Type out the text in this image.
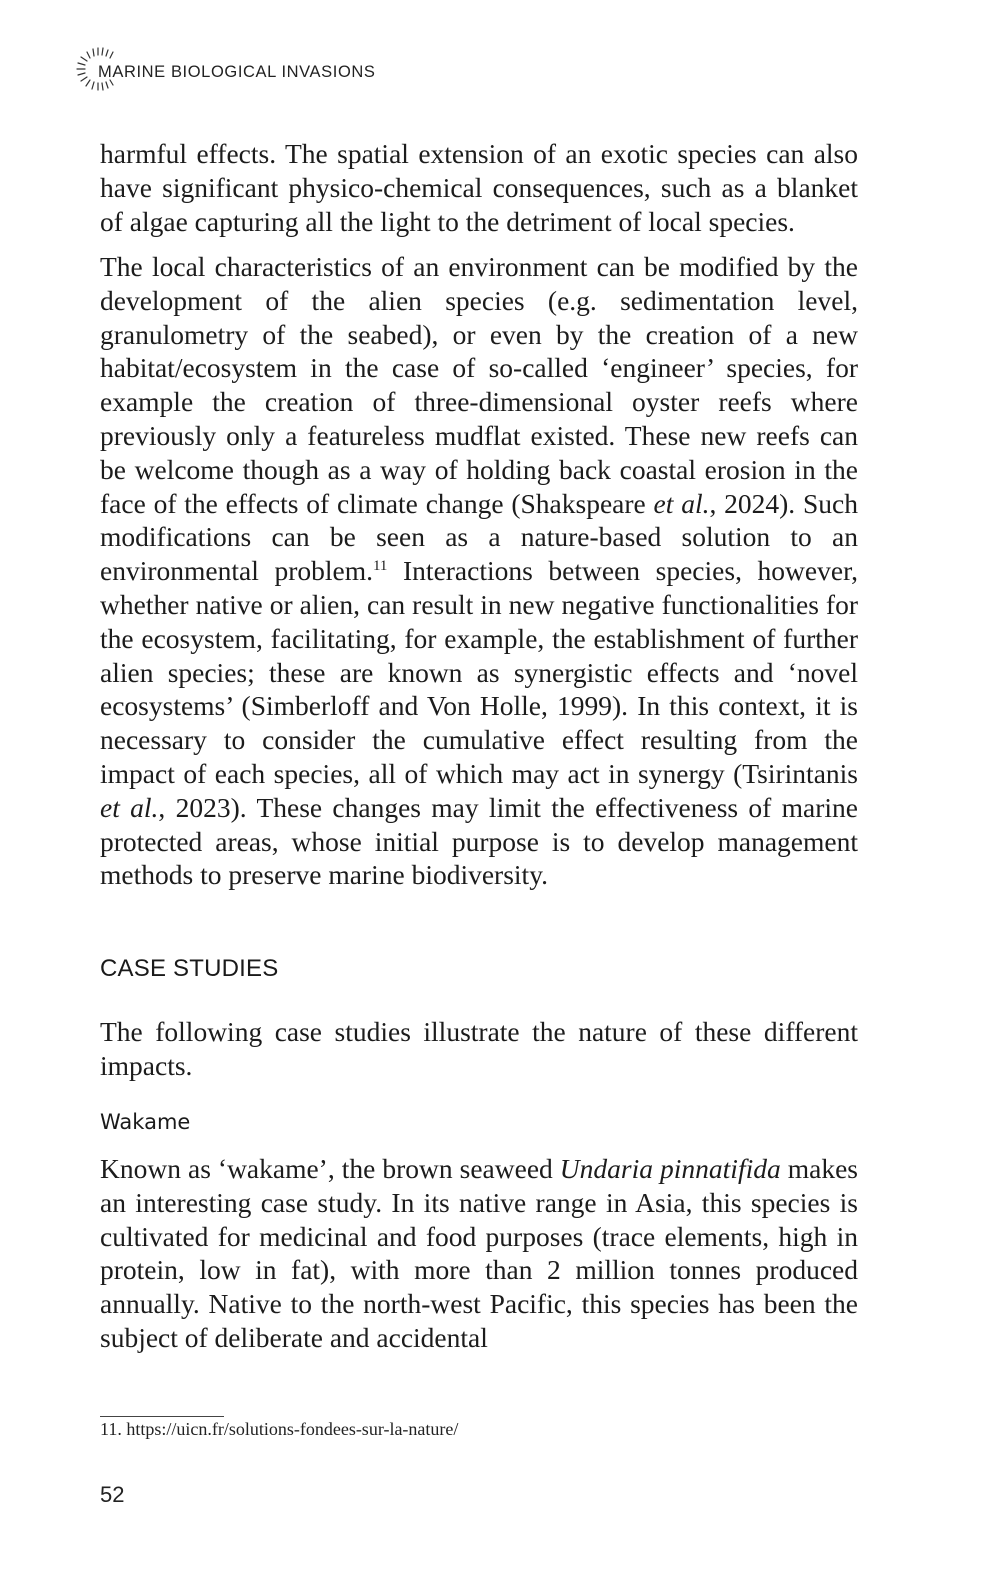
MARINE BIOLOGICAL INVASIONS

harmful effects. The spatial extension of an exotic species can also have significant physico-chemical consequences, such as a blanket of algae capturing all the light to the detriment of local species.

The local characteristics of an environment can be modified by the development of the alien species (e.g. sedimentation level, granulometry of the seabed), or even by the creation of a new habitat/ecosystem in the case of so-called ‘engineer’ species, for example the creation of three-dimensional oyster reefs where previously only a featureless mudflat existed. These new reefs can be welcome though as a way of holding back coastal erosion in the face of the effects of climate change (Shakspeare et al., 2024). Such modifications can be seen as a nature-based solution to an environmental problem.$^{11}$ Interactions between species, however, whether native or alien, can result in new negative functionalities for the ecosystem, facilitating, for example, the establishment of further alien species; these are known as synergistic effects and ‘novel ecosystems’ (Simberloff and Von Holle, 1999). In this context, it is necessary to consider the cumulative effect resulting from the impact of each species, all of which may act in synergy (Tsirintanis et al., 2023). These changes may limit the effectiveness of marine protected areas, whose initial purpose is to develop management methods to preserve marine biodiversity.

CASE STUDIES

The following case studies illustrate the nature of these different impacts.

Wakame

Known as ‘wakame’, the brown seaweed Undaria pinnatifida makes an interesting case study. In its native range in Asia, this species is cultivated for medicinal and food purposes (trace elements, high in protein, low in fat), with more than 2 million tonnes produced annually. Native to the north-west Pacific, this species has been the subject of deliberate and accidental

11. https://uicn.fr/solutions-fondees-sur-la-nature/
52
